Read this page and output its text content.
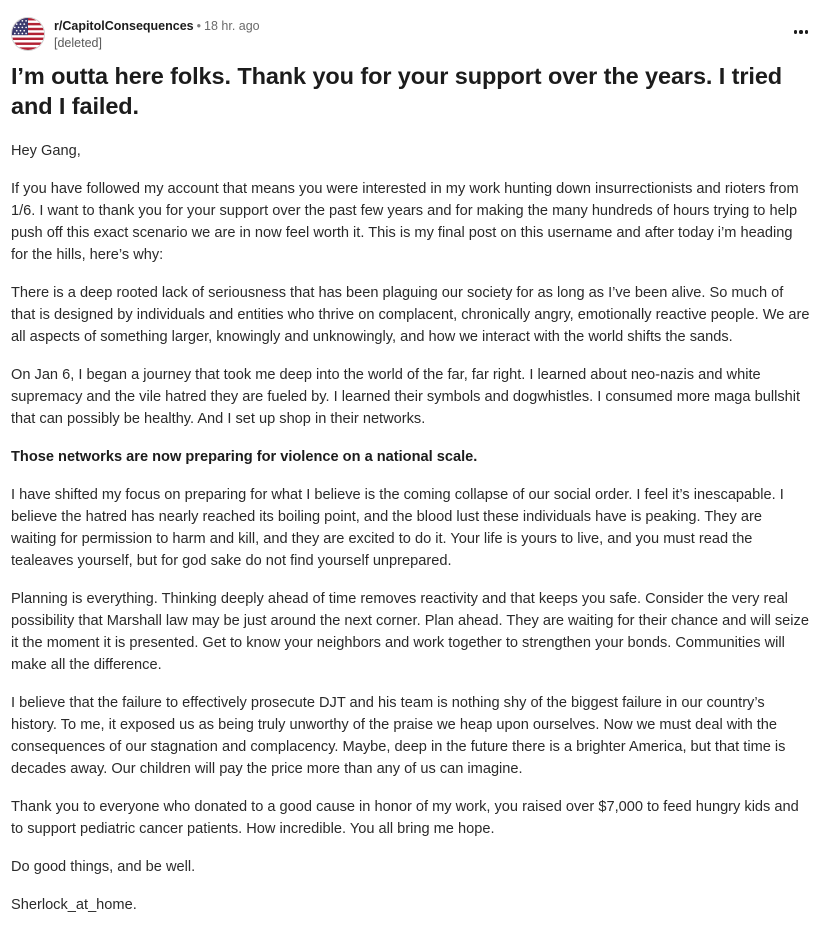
r/CapitolConsequences • 18 hr. ago
[deleted]
I’m outta here folks. Thank you for your support over the years. I tried and I failed.

Hey Gang,

If you have followed my account that means you were interested in my work hunting down insurrectionists and rioters from 1/6. I want to thank you for your support over the past few years and for making the many hundreds of hours trying to help push off this exact scenario we are in now feel worth it. This is my final post on this username and after today i’m heading for the hills, here’s why:

There is a deep rooted lack of seriousness that has been plaguing our society for as long as I’ve been alive. So much of that is designed by individuals and entities who thrive on complacent, chronically angry, emotionally reactive people. We are all aspects of something larger, knowingly and unknowingly, and how we interact with the world shifts the sands.

On Jan 6, I began a journey that took me deep into the world of the far, far right. I learned about neo-nazis and white supremacy and the vile hatred they are fueled by. I learned their symbols and dogwhistles. I consumed more maga bullshit that can possibly be healthy. And I set up shop in their networks.

Those networks are now preparing for violence on a national scale.

I have shifted my focus on preparing for what I believe is the coming collapse of our social order. I feel it’s inescapable. I believe the hatred has nearly reached its boiling point, and the blood lust these individuals have is peaking. They are waiting for permission to harm and kill, and they are excited to do it. Your life is yours to live, and you must read the tealeaves yourself, but for god sake do not find yourself unprepared.

Planning is everything. Thinking deeply ahead of time removes reactivity and that keeps you safe. Consider the very real possibility that Marshall law may be just around the next corner. Plan ahead. They are waiting for their chance and will seize it the moment it is presented. Get to know your neighbors and work together to strengthen your bonds. Communities will make all the difference.

I believe that the failure to effectively prosecute DJT and his team is nothing shy of the biggest failure in our country’s history. To me, it exposed us as being truly unworthy of the praise we heap upon ourselves. Now we must deal with the consequences of our stagnation and complacency. Maybe, deep in the future there is a brighter America, but that time is decades away. Our children will pay the price more than any of us can imagine.

Thank you to everyone who donated to a good cause in honor of my work, you raised over $7,000 to feed hungry kids and to support pediatric cancer patients. How incredible. You all bring me hope.

Do good things, and be well.

Sherlock_at_home.
